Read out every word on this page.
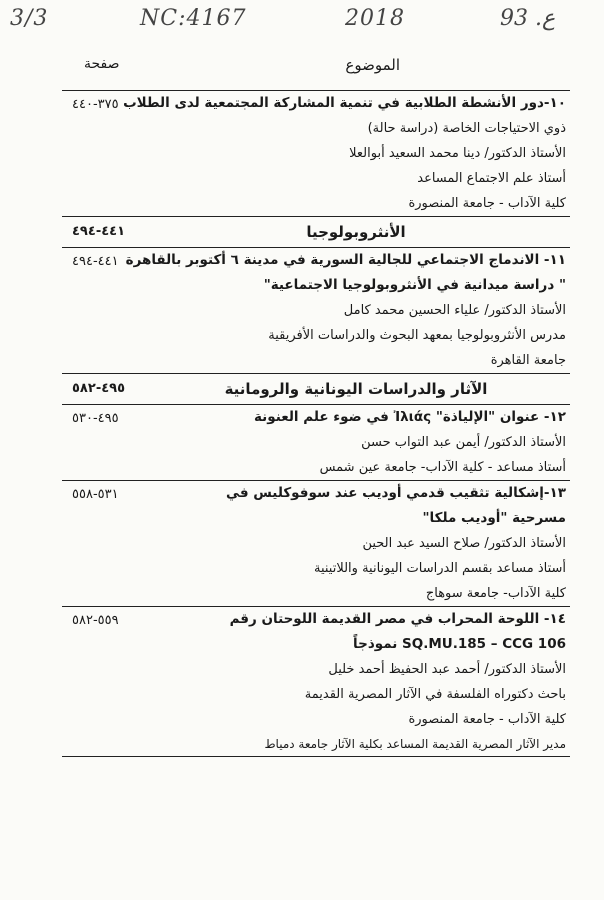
3/3	NC:4167	2018	ع. 93
الموضوع
صفحة
٣٧٥-٤٤٠ ١٠-دور الأنشطة الطلابية في تنمية المشاركة المجتمعية لدى الطلاب
ذوي الاحتياجات الخاصة (دراسة حالة)
الأستاذ الدكتور/ دينا محمد السعيد أبوالعلا
أستاذ علم الاجتماع المساعد
كلية الآداب - جامعة المنصورة
الأنثروبولوجيا
٤٤١-٤٩٤
٤٤١-٤٩٤ ١١- الاندماج الاجتماعي للجالية السورية في مدينة ٦ أكتوبر بالقاهرة
" دراسة ميدانية في الأنثروبولوجيا الاجتماعية"
الأستاذ الدكتور/ علياء الحسين محمد كامل
مدرس الأنثروبولوجيا بمعهد البحوث والدراسات الأفريقية
جامعة القاهرة
الآثار والدراسات اليونانية والرومانية
٤٩٥-٥٨٢
٤٩٥-٥٣٠	١٢- عنوان "الإلياذة" Ἰλιάς في ضوء علم العنونة
الأستاذ الدكتور/ أيمن عبد التواب حسن
أستاذ مساعد - كلية الآداب- جامعة عين شمس
٥٣١-٥٥٨	١٣-إشكالية تثقيب قدمي أوديب عند سوفوكليس في
مسرحية "أوديب ملكا"
الأستاذ الدكتور/ صلاح السيد عبد الحين
أستاذ مساعد بقسم الدراسات اليونانية واللاتينية
كلية الآداب- جامعة سوهاج
٥٥٩-٥٨٢	١٤- اللوحة المحراب في مصر القديمة اللوحتان رقم
SQ.MU.185 – CCG 106 نموذجاً
الأستاذ الدكتور/ أحمد عبد الحفيظ أحمد خليل
باحث دكتوراه الفلسفة في الآثار المصرية القديمة
كلية الآداب - جامعة المنصورة
مدير الآثار المصرية القديمة المساعد بكلية الآثار جامعة دمياط
